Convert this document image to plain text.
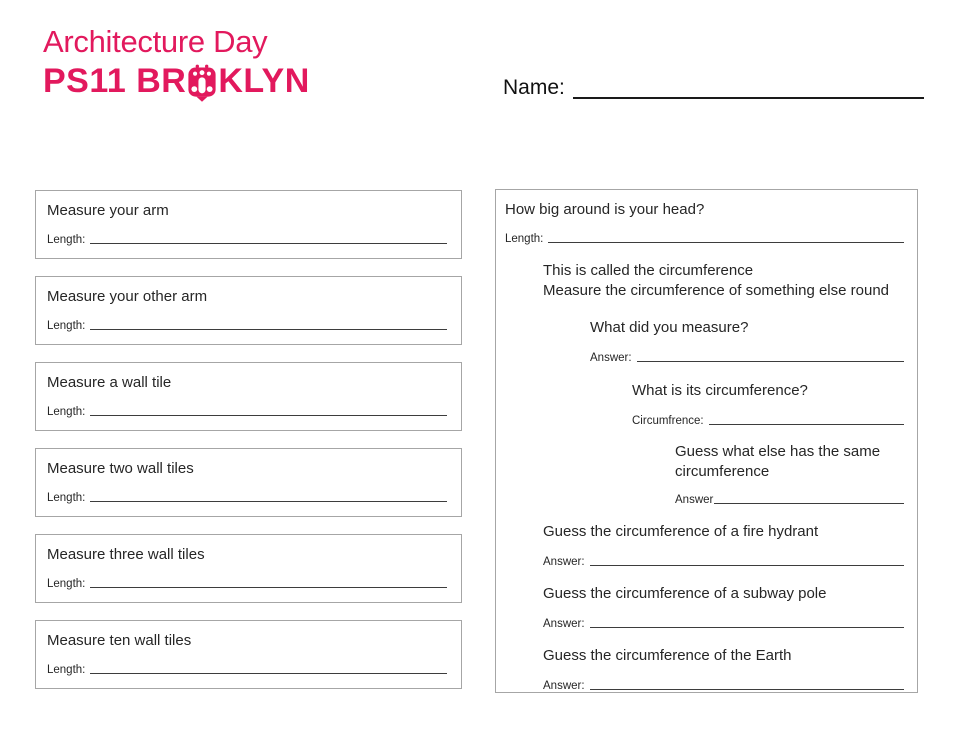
Architecture Day
PS11 BR KLYN	Name:
Measure your arm
Length:
Measure your other arm
Length:
Measure a wall tile
Length:
Measure two wall tiles
Length:
Measure three wall tiles
Length:
Measure ten wall tiles
Length:
How big around is your head?
Length:
This is called the circumference
Measure the circumference of something else round
What did you measure?
Answer:
What is its circumference?
Circumfrence:
Guess what else has the same circumference
Answer
Guess the circumference of a fire hydrant
Answer:
Guess the circumference of a subway pole
Answer:
Guess the circumference of the Earth
Answer:
